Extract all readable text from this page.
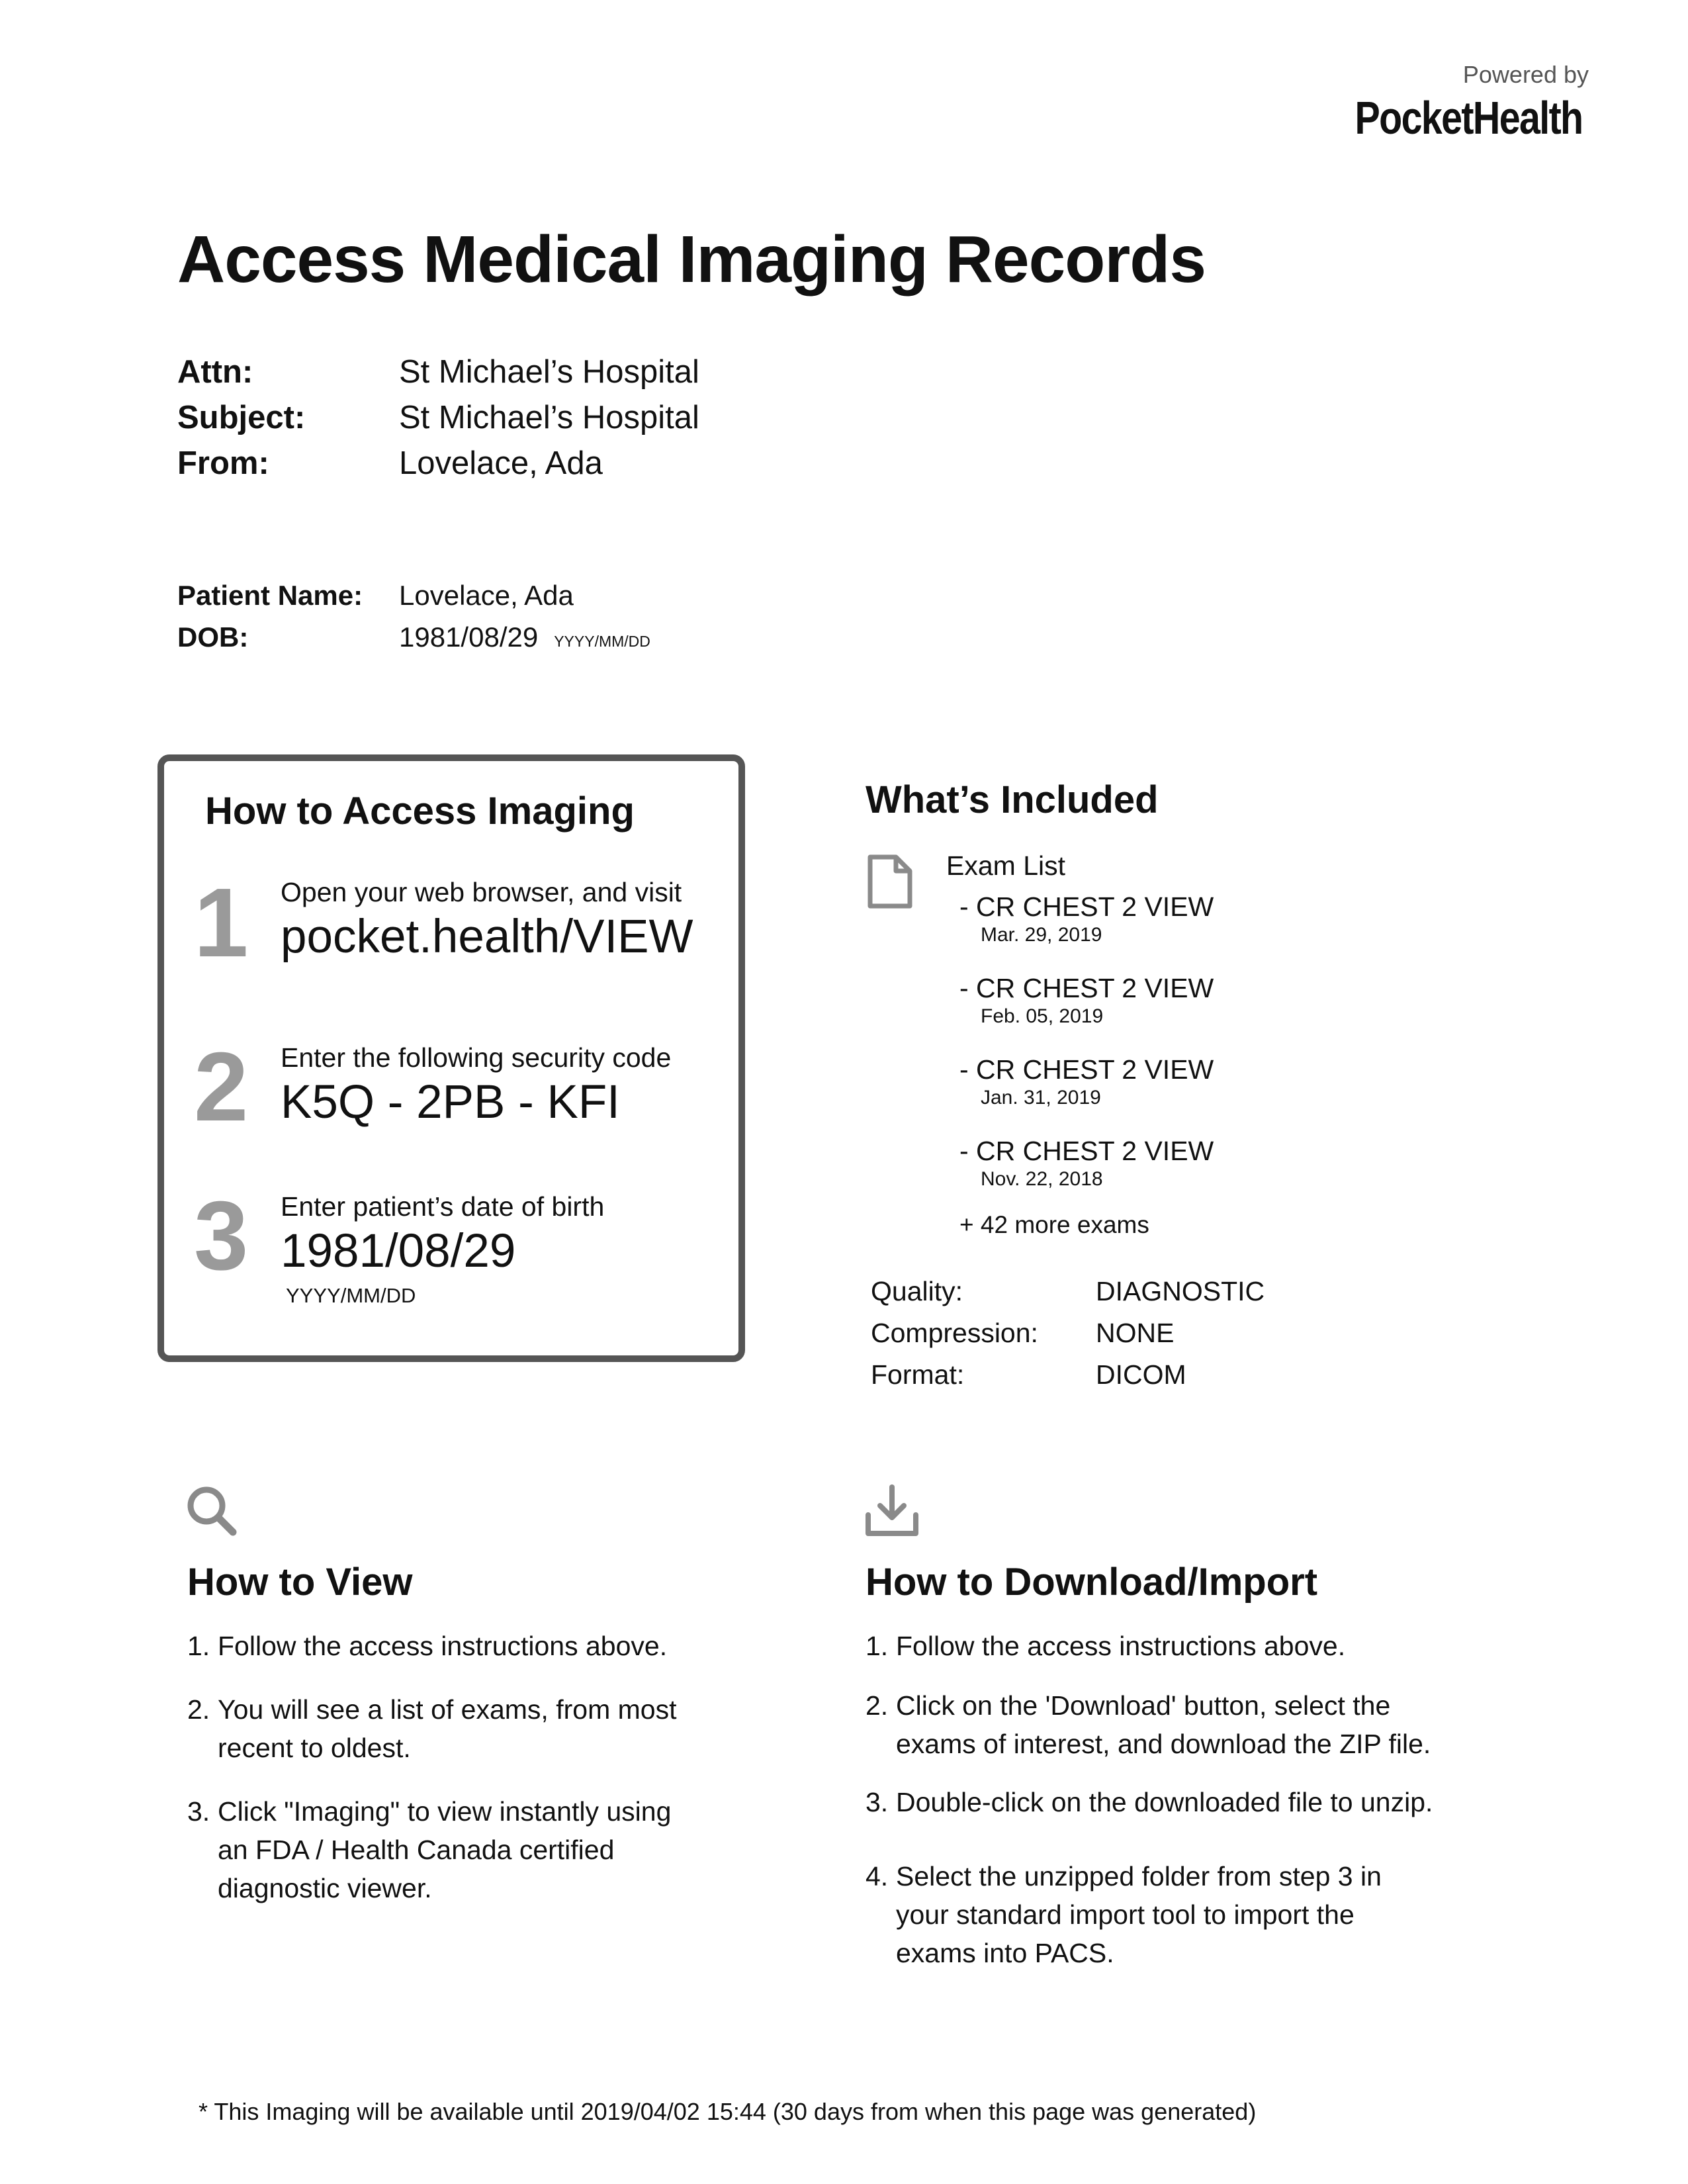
Powered by
PocketHealth
Access Medical Imaging Records
Attn:	St Michael’s Hospital
Subject:	St Michael’s Hospital
From:	Lovelace, Ada
Patient Name:	Lovelace, Ada
DOB:	1981/08/29 YYYY/MM/DD
How to Access Imaging
1 Open your web browser, and visit
pocket.health/VIEW
2 Enter the following security code
K5Q - 2PB - KFI
3 Enter patient’s date of birth
1981/08/29
YYYY/MM/DD
What’s Included
Exam List
- CR CHEST 2 VIEW
Mar. 29, 2019
- CR CHEST 2 VIEW
Feb. 05, 2019
- CR CHEST 2 VIEW
Jan. 31, 2019
- CR CHEST 2 VIEW
Nov. 22, 2018
+ 42 more exams
Quality:	DIAGNOSTIC
Compression:	NONE
Format:	DICOM
How to View
1. Follow the access instructions above.
2. You will see a list of exams, from most
recent to oldest.
3. Click "Imaging" to view instantly using
an FDA / Health Canada certified
diagnostic viewer.
How to Download/Import
1. Follow the access instructions above.
2. Click on the 'Download' button, select the
exams of interest, and download the ZIP file.
3. Double-click on the downloaded file to unzip.
4. Select the unzipped folder from step 3 in
your standard import tool to import the
exams into PACS.
* This Imaging will be available until 2019/04/02 15:44 (30 days from when this page was generated)
